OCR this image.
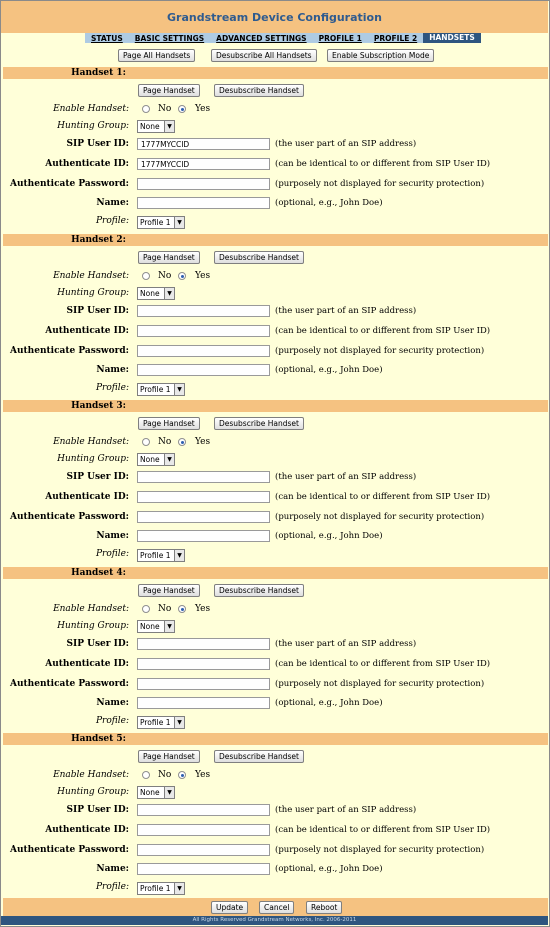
Grandstream Device Configuration
STATUS	BASIC SETTINGS	ADVANCED SETTINGS	PROFILE 1	PROFILE 2	HANDSETS
Page All Handsets	Desubscribe All Handsets	Enable Subscription Mode
Handset 1:
Page Handset	Desubscribe Handset
Enable Handset:	No	Yes
Hunting Group:	None	▼
SIP User ID:	1777MYCCID	(the user part of an SIP address)
Authenticate ID:	1777MYCCID	(can be identical to or different from SIP User ID)
Authenticate Password:	(purposely not displayed for security protection)
Name:	(optional, e.g., John Doe)
Profile:	Profile 1	▼
Handset 2:
Page Handset	Desubscribe Handset
Enable Handset:	No	Yes
Hunting Group:	None	▼
SIP User ID:	(the user part of an SIP address)
Authenticate ID:	(can be identical to or different from SIP User ID)
Authenticate Password:	(purposely not displayed for security protection)
Name:	(optional, e.g., John Doe)
Profile:	Profile 1	▼
Handset 3:
Page Handset	Desubscribe Handset
Enable Handset:	No	Yes
Hunting Group:	None	▼
SIP User ID:	(the user part of an SIP address)
Authenticate ID:	(can be identical to or different from SIP User ID)
Authenticate Password:	(purposely not displayed for security protection)
Name:	(optional, e.g., John Doe)
Profile:	Profile 1	▼
Handset 4:
Page Handset	Desubscribe Handset
Enable Handset:	No	Yes
Hunting Group:	None	▼
SIP User ID:	(the user part of an SIP address)
Authenticate ID:	(can be identical to or different from SIP User ID)
Authenticate Password:	(purposely not displayed for security protection)
Name:	(optional, e.g., John Doe)
Profile:	Profile 1	▼
Handset 5:
Page Handset	Desubscribe Handset
Enable Handset:	No	Yes
Hunting Group:	None	▼
SIP User ID:	(the user part of an SIP address)
Authenticate ID:	(can be identical to or different from SIP User ID)
Authenticate Password:	(purposely not displayed for security protection)
Name:	(optional, e.g., John Doe)
Profile:	Profile 1	▼
Update	Cancel	Reboot
All Rights Reserved Grandstream Networks, Inc. 2006-2011
